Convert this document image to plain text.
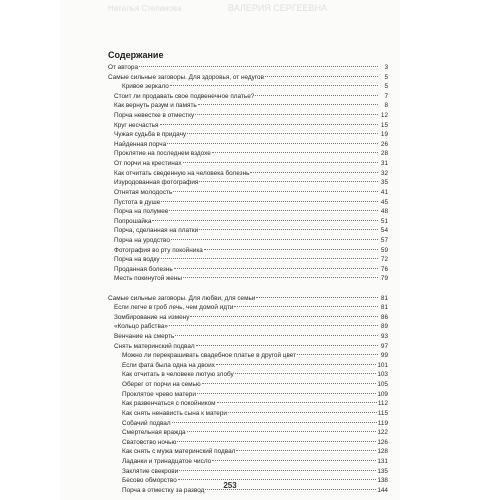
Наталья Степанова	ВАЛЕРИЯ СЕРГЕЕВНА
Содержание
От автора	3
Самые сильные заговоры. Для здоровья, от недугов	5
Кривое зеркало	5
Стоит ли продавать свое подвенечное платье?	7
Как вернуть разум и память	8
Порча невестке в отместку	12
Круг несчастья	15
Чужая судьба в придачу	19
Найденная порча	26
Проклятие на последнем вздохе	28
От порчи на крестинах	31
Как отчитать сведенную на человека болезнь	32
Изуродованная фотография	35
Отнятая молодость	41
Пустота в душе	45
Порча на полумее	48
Попрошайка	51
Порча, сделанная на платки	54
Порча на уродство	57
Фотография во рту покойника	59
Порча на водку	72
Проданная болезнь	76
Месть покинутой жены	79
Самые сильные заговоры. Для любви, для семьи	81
Если легче в гроб лечь, чем домой идти	81
Зомбирование на измену	86
«Кольцо рабства»	89
Венчание на смерть	93
Снять материнский подвал	97
Можно ли перекрашивать свадебное платье в другой цвет	99
Если фата была одна на двоих	101
Как отчитать в человеке лютую злобу	103
Оберег от порчи на семью	105
Проклятое чрево матери	109
Как развенчаться с покойником	112
Как снять ненависть сына к матери	115
Собачий подвал	119
Смертельная вражда	122
Сватовство ночью	126
Как снять с мужа материнский подвал	128
Ладанки и тринадцатое число	131
Заклятие свекрови	135
Бесово обморство	138
Порча в отместку за развод	144
253
